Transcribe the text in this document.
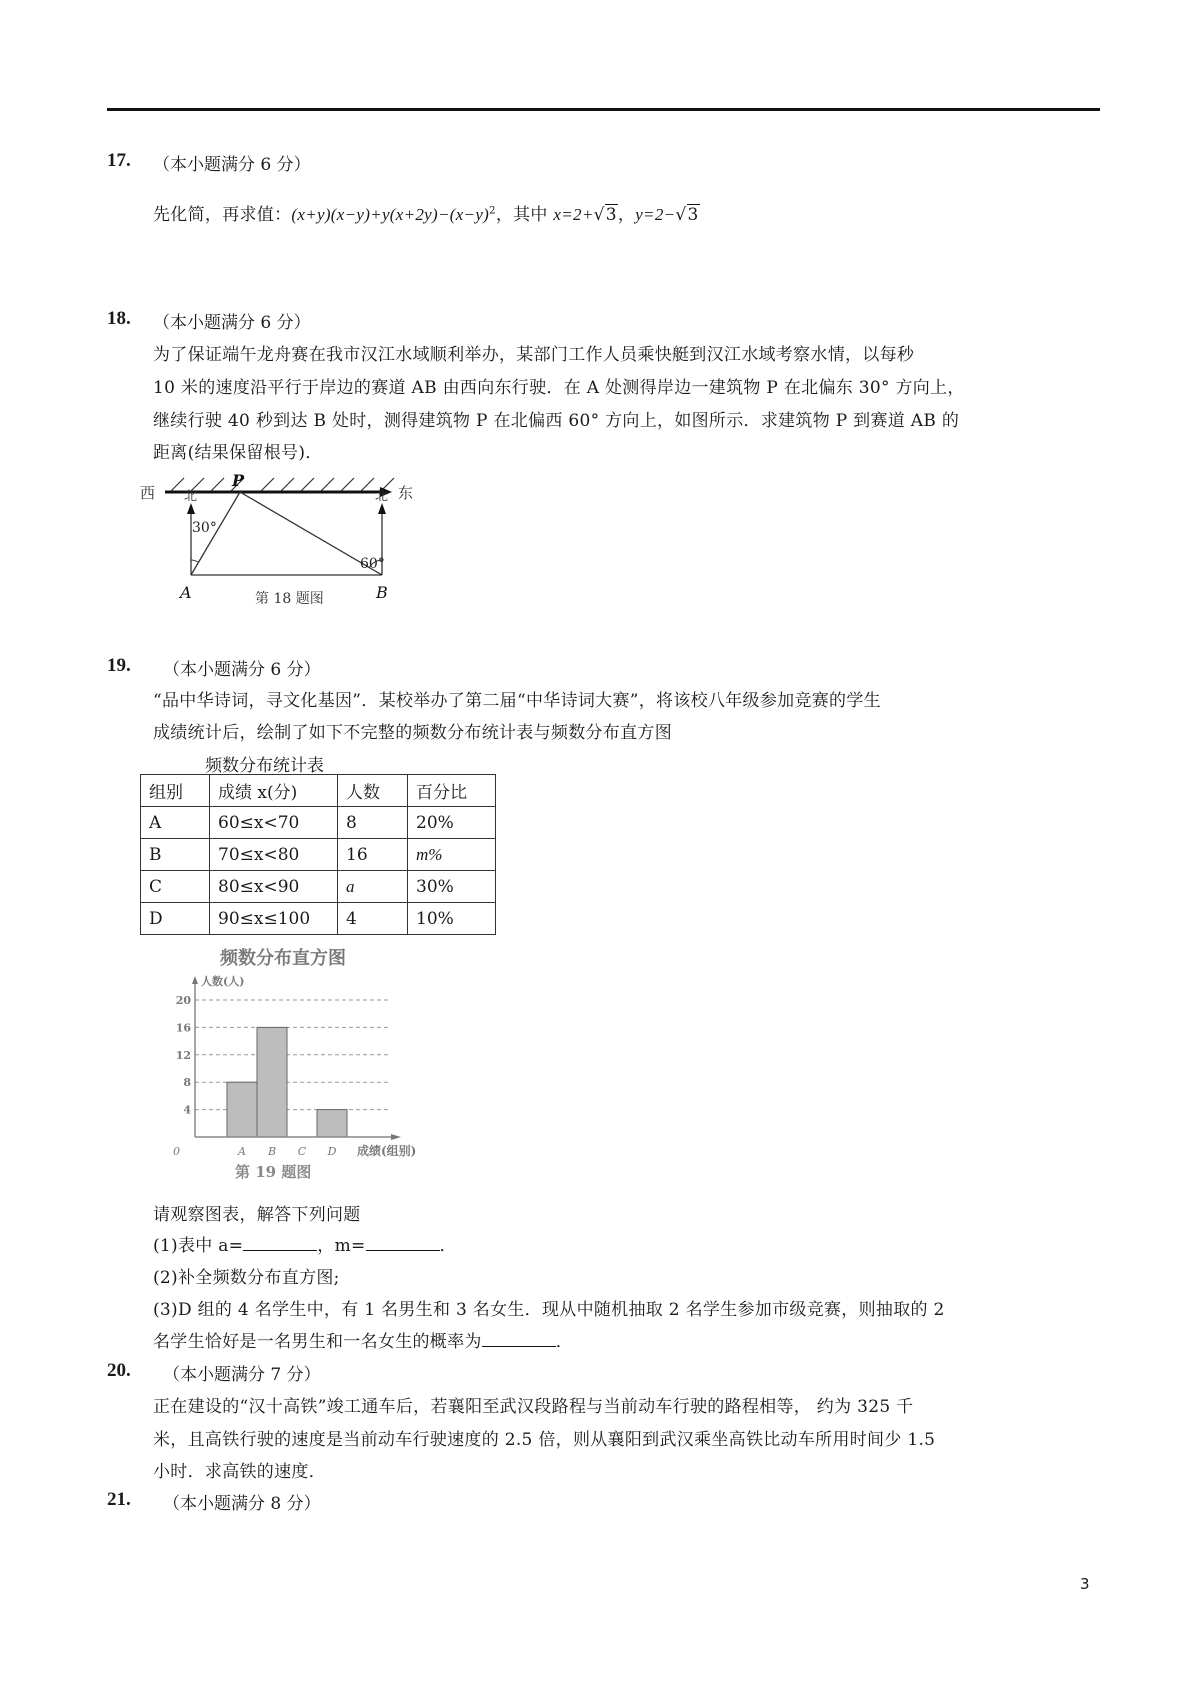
17. （本小题满分 6 分）
先化简，再求值：$(x+y)(x-y)+y(x+2y)-(x-y)^2$，其中 x=2+√3，y=2−√3
18. （本小题满分 6 分）
为了保证端午龙舟赛在我市汉江水域顺利举办，某部门工作人员乘快艇到汉江水域考察水情，以每秒
10 米的速度沿平行于岸边的赛道 AB 由西向东行驶．在 A 处测得岸边一建筑物 P 在北偏东 30° 方向上，
继续行驶 40 秒到达 B 处时，测得建筑物 P 在北偏西 60° 方向上，如图所示．求建筑物 P 到赛道 AB 的
距离(结果保留根号)．
西	东
P
北	北
30°
60°
A	B
第 18 题图
19. （本小题满分 6 分）
“品中华诗词，寻文化基因”．某校举办了第二届“中华诗词大赛”，将该校八年级参加竞赛的学生
成绩统计后，绘制了如下不完整的频数分布统计表与频数分布直方图
频数分布统计表
组别	成绩 x(分)	人数	百分比
A	60≤x<70	8	20%
B	70≤x<80	16	m%
C	80≤x<90	a	30%
D	90≤x≤100	4	10%
频数分布直方图
人数(人)
4
8
12
16
20
A B C D
0	成绩(组别)
第 19 题图
请观察图表，解答下列问题
(1)表中 a=	，m=	．
(2)补全频数分布直方图;
(3)D 组的 4 名学生中，有 1 名男生和 3 名女生．现从中随机抽取 2 名学生参加市级竞赛，则抽取的 2
名学生恰好是一名男生和一名女生的概率为	．
20. （本小题满分 7 分）
正在建设的“汉十高铁”竣工通车后，若襄阳至武汉段路程与当前动车行驶的路程相等， 约为 325 千
米，且高铁行驶的速度是当前动车行驶速度的 2.5 倍，则从襄阳到武汉乘坐高铁比动车所用时间少 1.5
小时．求高铁的速度．
21. （本小题满分 8 分）
3
